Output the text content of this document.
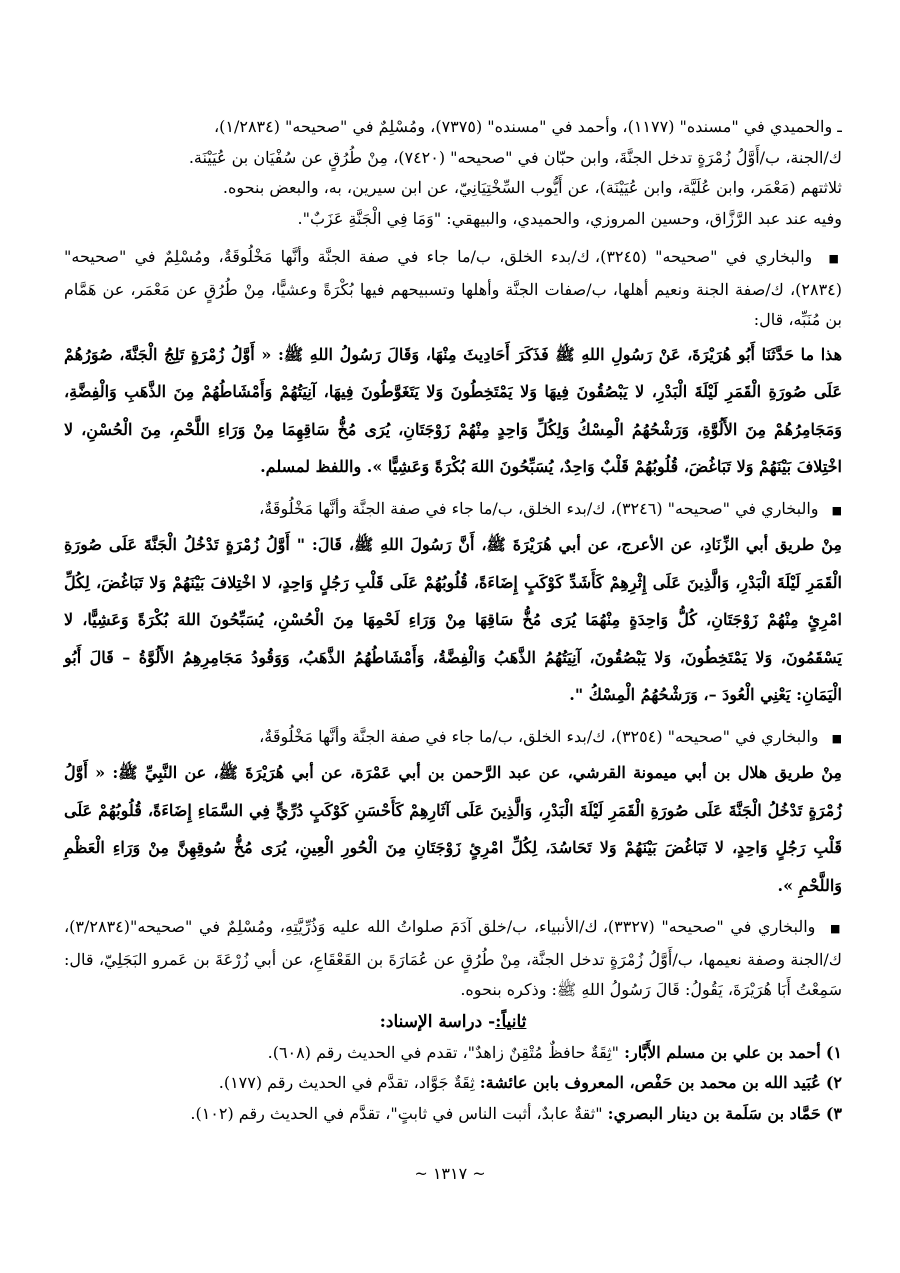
ـ والحميدي في "مسنده" (١١٧٧)، وأحمد في "مسنده" (٧٣٧٥)، ومُسْلِمٌ في "صحيحه" (١/٢٨٣٤)،
ك/الجنة، ب/أَوَّلُ زُمْرَةٍ تدخل الجنَّةَ، وابن حبّان في "صحيحه" (٧٤٢٠)، مِنْ طُرُقٍ عن سُفْيَان بن عُيَيْنَة.
ثلاثتهم (مَعْمَر، وابن عُلَيَّة، وابن عُيَيْنَة)، عن أَيُّوب السِّخْتِيَانِيّ، عن ابن سيرين، به، والبعض بنحوه.
وفيه عند عبد الرَّزَّاق، وحسين المروزي، والحميدي، والبيهقي: "وَمَا فِي الْجَنَّةِ عَزَبٌ".

■ والبخاري في "صحيحه" (٣٢٤٥)، ك/بدء الخلق، ب/ما جاء في صفة الجنَّة وأنَّها مَخْلُوقَةٌ، ومُسْلِمٌ في "صحيحه" (٢٨٣٤)، ك/صفة الجنة ونعيم أهلها، ب/صفات الجنَّة وأهلها وتسبيحهم فيها بُكْرَةً وعشيًّا، مِنْ طُرُقٍ عن مَعْمَر، عن هَمَّام بن مُنَبِّه، قال:

هذا ما حَدَّثَنَا أَبُو هُرَيْرَةَ، عَنْ رَسُولِ اللهِ ﷺ فَذَكَرَ أَحَادِيثَ مِنْهَا، وَقَالَ رَسُولُ اللهِ ﷺ: « أَوَّلُ زُمْرَةٍ تَلِجُ الْجَنَّةَ، صُوَرُهُمْ عَلَى صُورَةِ الْقَمَرِ لَيْلَةَ الْبَدْرِ، لا يَبْصُقُونَ فِيهَا وَلا يَمْتَخِطُونَ وَلا يَتَغَوَّطُونَ فِيهَا، آنِيَتُهُمْ وَأَمْشَاطُهُمْ مِنَ الذَّهَبِ وَالْفِضَّةِ، وَمَجَامِرُهُمْ مِنَ الأَلُوَّةِ، وَرَشْحُهُمُ الْمِسْكُ وَلِكُلِّ وَاحِدٍ مِنْهُمْ زَوْجَتَانِ، يُرَى مُخُّ سَاقِهِمَا مِنْ وَرَاءِ اللَّحْمِ، مِنَ الْحُسْنِ، لا اخْتِلافَ بَيْنَهُمْ وَلا تَبَاغُضَ، قُلُوبُهُمْ قَلْبٌ وَاحِدٌ، يُسَبِّحُونَ اللهَ بُكْرَةً وَعَشِيًّا ». واللفظ لمسلم.

■ والبخاري في "صحيحه" (٣٢٤٦)، ك/بدء الخلق، ب/ما جاء في صفة الجنَّة وأنَّها مَخْلُوقَةٌ،

مِنْ طريق أبي الزِّنَادِ، عن الأعرج، عن أبي هُرَيْرَةَ ﷺ، أَنَّ رَسُولَ اللهِ ﷺ، قَالَ: " أَوَّلُ زُمْرَةٍ تَدْخُلُ الْجَنَّةَ عَلَى صُورَةِ الْقَمَرِ لَيْلَةَ الْبَدْرِ، وَالَّذِينَ عَلَى إِثْرِهِمْ كَأَشَدِّ كَوْكَبٍ إِضَاءَةً، قُلُوبُهُمْ عَلَى قَلْبِ رَجُلٍ وَاحِدٍ، لا اخْتِلافَ بَيْنَهُمْ وَلا تَبَاغُضَ، لِكُلِّ امْرِئٍ مِنْهُمْ زَوْجَتَانِ، كُلُّ وَاحِدَةٍ مِنْهُمَا يُرَى مُخُّ سَاقِهَا مِنْ وَرَاءِ لَحْمِهَا مِنَ الْحُسْنِ، يُسَبِّحُونَ اللهَ بُكْرَةً وَعَشِيًّا، لا يَسْقَمُونَ، وَلا يَمْتَخِطُونَ، وَلا يَبْصُقُونَ، آنِيَتُهُمُ الذَّهَبُ وَالْفِضَّةُ، وَأَمْشَاطُهُمُ الذَّهَبُ، وَوَقُودُ مَجَامِرِهِمُ الأَلُوَّةُ – قَالَ أَبُو الْيَمَانِ: يَعْنِي الْعُودَ –، وَرَشْحُهُمُ الْمِسْكُ ".

■ والبخاري في "صحيحه" (٣٢٥٤)، ك/بدء الخلق، ب/ما جاء في صفة الجنَّة وأنَّها مَخْلُوقَةٌ،

مِنْ طريق هلال بن أبي ميمونة القرشي، عن عبد الرَّحمن بن أبي عَمْرَة، عن أبي هُرَيْرَةَ ﷺ، عن النَّبِيِّ ﷺ: « أَوَّلُ زُمْرَةٍ تَدْخُلُ الْجَنَّةَ عَلَى صُورَةِ الْقَمَرِ لَيْلَةَ الْبَدْرِ، وَالَّذِينَ عَلَى آثَارِهِمْ كَأَحْسَنِ كَوْكَبٍ دُرِّيٍّ فِي السَّمَاءِ إِضَاءَةً، قُلُوبُهُمْ عَلَى قَلْبِ رَجُلٍ وَاحِدٍ، لا تَبَاغُضَ بَيْنَهُمْ وَلا تَحَاسُدَ، لِكُلِّ امْرِئٍ زَوْجَتَانِ مِنَ الْحُورِ الْعِينِ، يُرَى مُخُّ سُوقِهِنَّ مِنْ وَرَاءِ الْعَظْمِ وَاللَّحْمِ ».

■ والبخاري في "صحيحه" (٣٣٢٧)، ك/الأنبياء، ب/خلق آدَمَ صلواتُ الله عليه وَذُرِّيَّتِهِ، ومُسْلِمٌ في "صحيحه"(٣/٢٨٣٤)، ك/الجنة وصفة نعيمها، ب/أَوَّلُ زُمْرَةٍ تدخل الجنَّة، مِنْ طُرُقٍ عن عُمَارَةَ بن القَعْقَاعِ، عن أبي زُرْعَةَ بن عَمرو البَجَلِيّ، قال: سَمِعْتُ أَبَا هُرَيْرَةَ، يَقُولُ: قَالَ رَسُولُ اللهِ ﷺ: وذكره بنحوه.

ثانياً:- دراسة الإسناد:
١) أحمد بن علي بن مسلم الأَبَّار: "ثِقَةٌ حافظٌ مُتْقِنٌ زاهدٌ"، تقدم في الحديث رقم (٦٠٨).
٢) عُبَيد الله بن محمد بن حَفْص، المعروف بابن عائشة: ثِقَةٌ جَوَّاد، تقدَّم في الحديث رقم (١٧٧).
٣) حَمَّاد بن سَلَمة بن دينار البصري: "ثقةٌ عابدٌ، أثبت الناس في ثابتٍ"، تقدَّم في الحديث رقم (١٠٢).
~ ١٣١٧ ~
